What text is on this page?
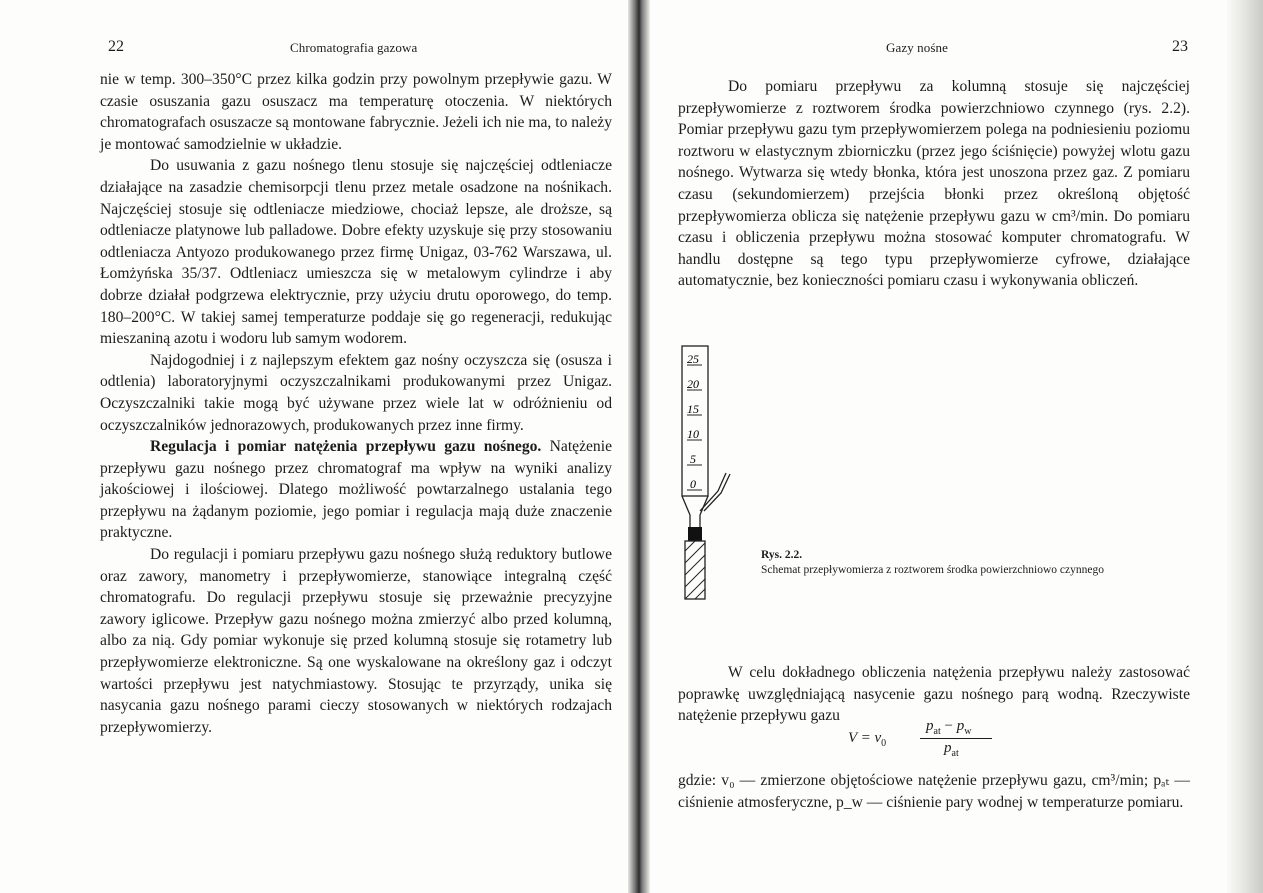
22	Chromatografia gazowa

nie w temp. 300–350°C przez kilka godzin przy powolnym przepływie gazu. W czasie osuszania gazu osuszacz ma temperaturę otoczenia. W niektórych chromatografach osuszacze są montowane fabrycznie. Jeżeli ich nie ma, to należy je montować samodzielnie w układzie.

Do usuwania z gazu nośnego tlenu stosuje się najczęściej odtleniacze działające na zasadzie chemisorpcji tlenu przez metale osadzone na nośnikach. Najczęściej stosuje się odtleniacze miedziowe, chociaż lepsze, ale droższe, są odtleniacze platynowe lub palladowe. Dobre efekty uzyskuje się przy stosowaniu odtleniacza Antyozo produkowanego przez firmę Unigaz, 03-762 Warszawa, ul. Łomżyńska 35/37. Odtleniacz umieszcza się w metalowym cylindrze i aby dobrze działał podgrzewa elektrycznie, przy użyciu drutu oporowego, do temp. 180–200°C. W takiej samej temperaturze poddaje się go regeneracji, redukując mieszaniną azotu i wodoru lub samym wodorem.

Najdogodniej i z najlepszym efektem gaz nośny oczyszcza się (osusza i odtlenia) laboratoryjnymi oczyszczalnikami produkowanymi przez Unigaz. Oczyszczalniki takie mogą być używane przez wiele lat w odróżnieniu od oczyszczalników jednorazowych, produkowanych przez inne firmy.

Regulacja i pomiar natężenia przepływu gazu nośnego. Natężenie przepływu gazu nośnego przez chromatograf ma wpływ na wyniki analizy jakościowej i ilościowej. Dlatego możliwość powtarzalnego ustalania tego przepływu na żądanym poziomie, jego pomiar i regulacja mają duże znaczenie praktyczne.

Do regulacji i pomiaru przepływu gazu nośnego służą reduktory butlowe oraz zawory, manometry i przepływomierze, stanowiące integralną część chromatografu. Do regulacji przepływu stosuje się przeważnie precyzyjne zawory iglicowe. Przepływ gazu nośnego można zmierzyć albo przed kolumną, albo za nią. Gdy pomiar wykonuje się przed kolumną stosuje się rotametry lub przepływomierze elektroniczne. Są one wyskalowane na określony gaz i odczyt wartości przepływu jest natychmiastowy. Stosując te przyrządy, unika się nasycania gazu nośnego parami cieczy stosowanych w niektórych rodzajach przepływomierzy.

Gazy nośne	23

Do pomiaru przepływu za kolumną stosuje się najczęściej przepływomierze z roztworem środka powierzchniowo czynnego (rys. 2.2). Pomiar przepływu gazu tym przepływomierzem polega na podniesieniu poziomu roztworu w elastycznym zbiorniczku (przez jego ściśnięcie) powyżej wlotu gazu nośnego. Wytwarza się wtedy błonka, która jest unoszona przez gaz. Z pomiaru czasu (sekundomierzem) przejścia błonki przez określoną objętość przepływomierza oblicza się natężenie przepływu gazu w cm³/min. Do pomiaru czasu i obliczenia przepływu można stosować komputer chromatografu. W handlu dostępne są tego typu przepływomierze cyfrowe, działające automatycznie, bez konieczności pomiaru czasu i wykonywania obliczeń.

25
20
15
10
5
0
Rys. 2.2.
Schemat przepływomierza z roztworem środka powierzchniowo czynnego

W celu dokładnego obliczenia natężenia przepływu należy zastosować poprawkę uwzględniającą nasycenie gazu nośnego parą wodną. Rzeczywiste natężenie przepływu gazu

$V = v_0$
$p_{at} - p_w$
$p_{at}$

gdzie: v₀ — zmierzone objętościowe natężenie przepływu gazu, cm³/min; pₐₜ — ciśnienie atmosferyczne, p_w — ciśnienie pary wodnej w temperaturze pomiaru.
